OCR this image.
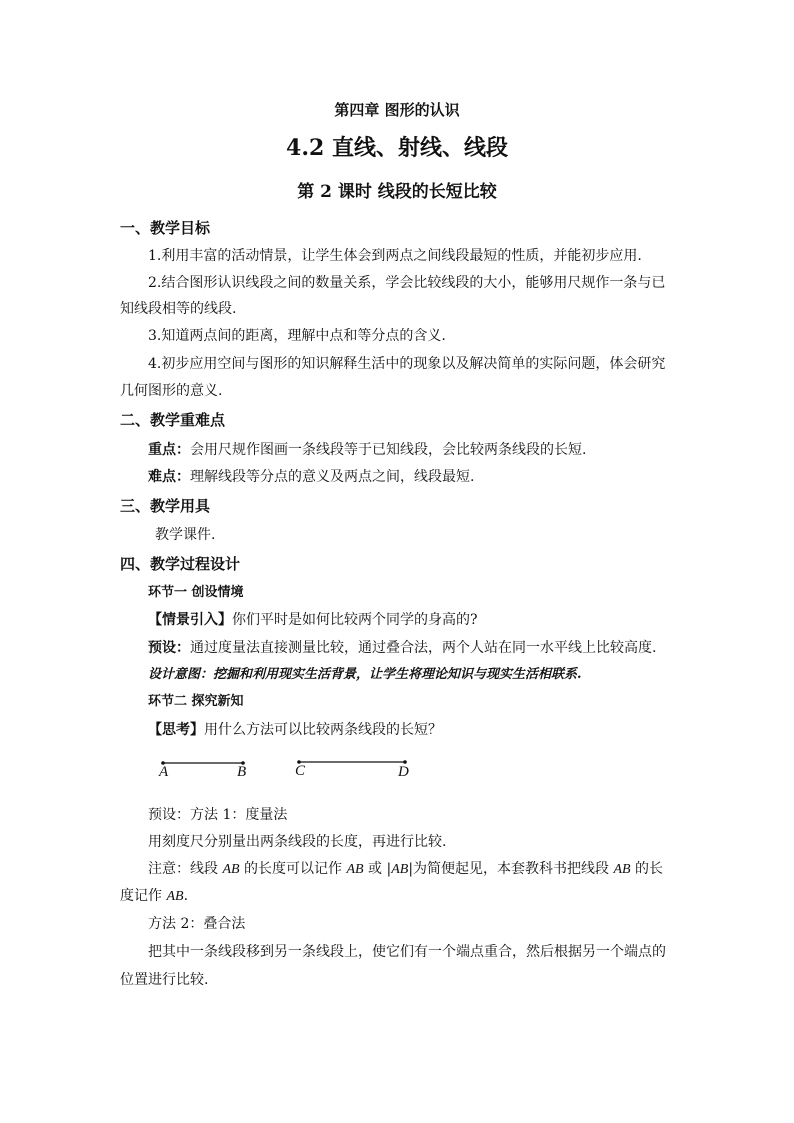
第四章 图形的认识
4.2 直线、射线、线段
第 2 课时 线段的长短比较
一、教学目标
1.利用丰富的活动情景，让学生体会到两点之间线段最短的性质，并能初步应用.
2.结合图形认识线段之间的数量关系，学会比较线段的大小，能够用尺规作一条与已
知线段相等的线段.
3.知道两点间的距离，理解中点和等分点的含义.
4.初步应用空间与图形的知识解释生活中的现象以及解决简单的实际问题，体会研究
几何图形的意义.
二、教学重难点
重点：会用尺规作图画一条线段等于已知线段，会比较两条线段的长短.
难点：理解线段等分点的意义及两点之间，线段最短.
三、教学用具
教学课件.
四、教学过程设计
环节一 创设情境
【情景引入】你们平时是如何比较两个同学的身高的?
预设：通过度量法直接测量比较，通过叠合法，两个人站在同一水平线上比较高度.
设计意图：挖掘和利用现实生活背景，让学生将理论知识与现实生活相联系.
环节二 探究新知
【思考】用什么方法可以比较两条线段的长短？
A	B	C	D
预设：方法 1：度量法
用刻度尺分别量出两条线段的长度，再进行比较.
注意：线段 AB 的长度可以记作 AB 或 |AB|为简便起见，本套教科书把线段 AB 的长
度记作 AB.
方法 2：叠合法
把其中一条线段移到另一条线段上，使它们有一个端点重合，然后根据另一个端点的
位置进行比较.
